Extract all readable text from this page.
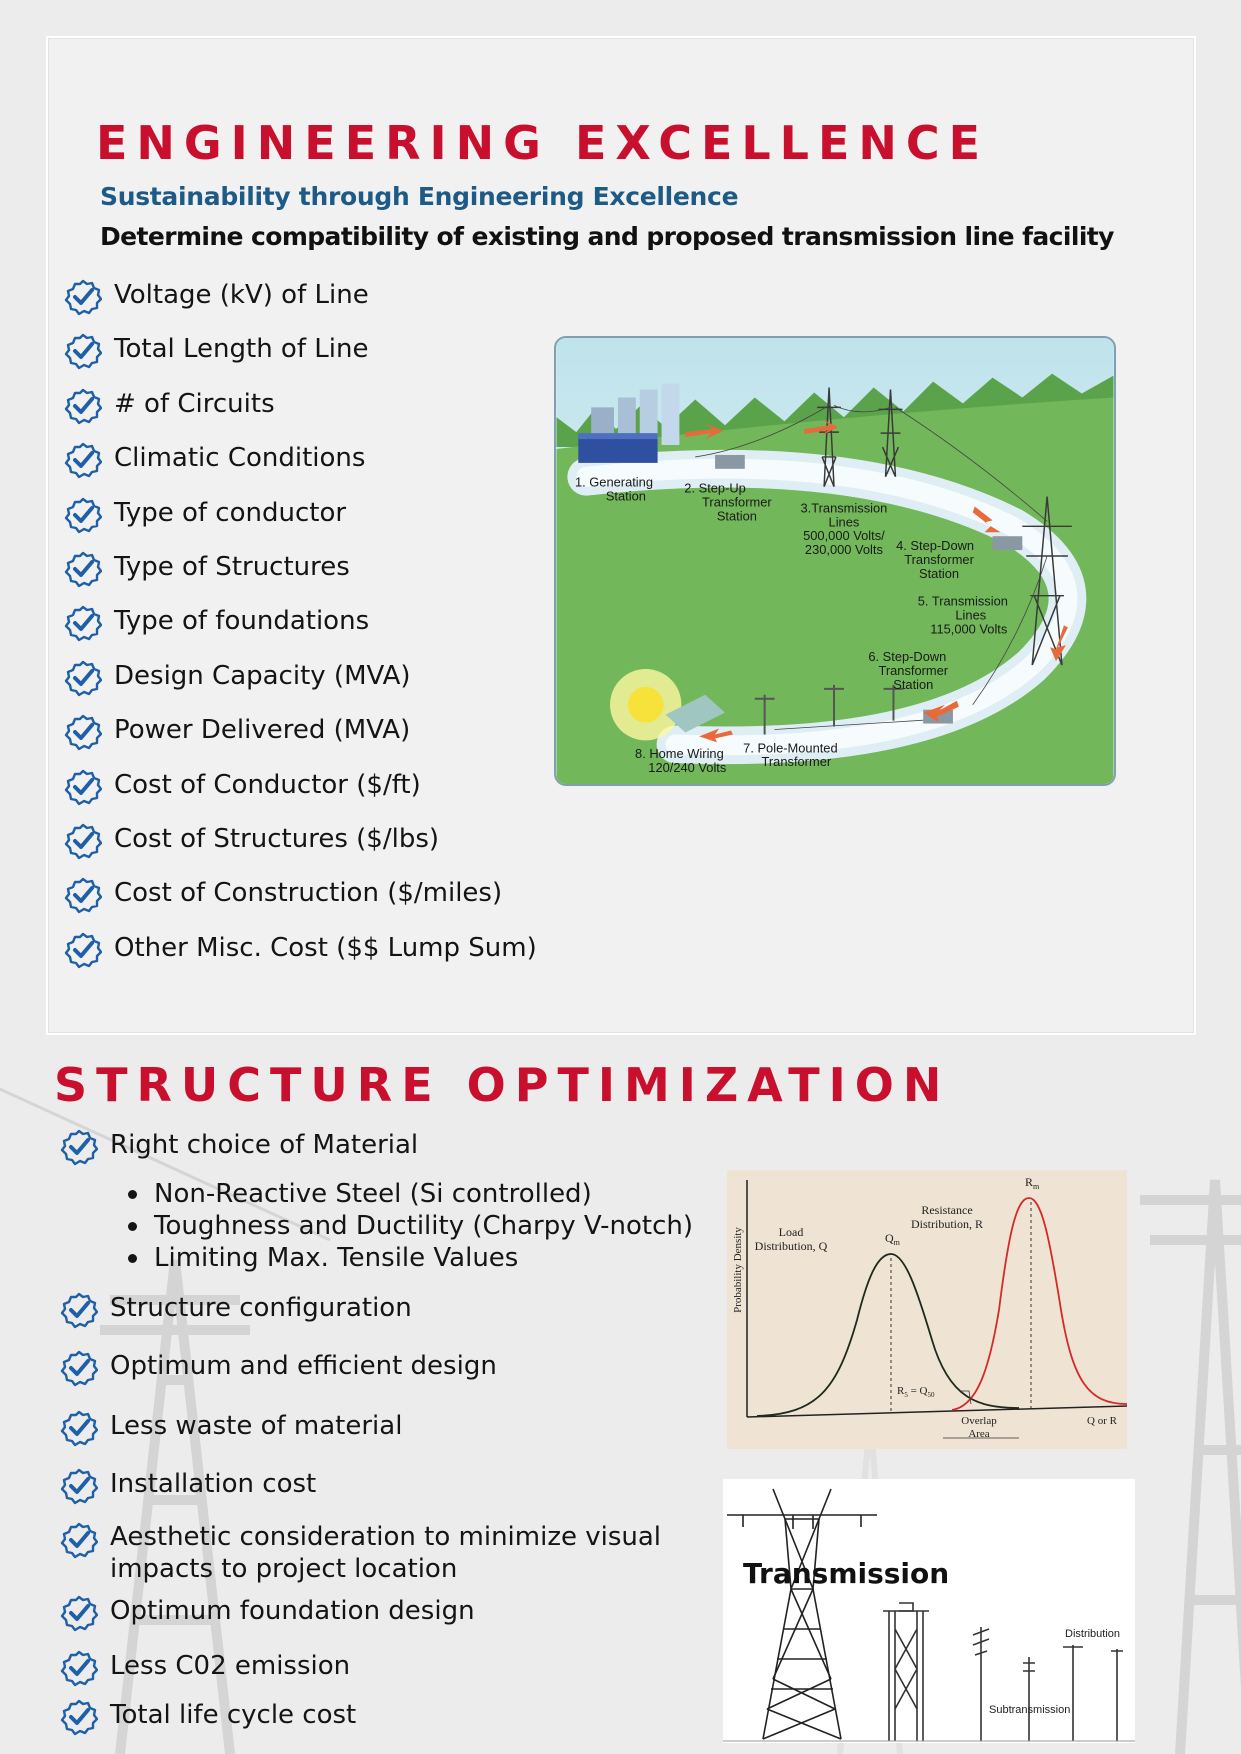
ENGINEERING EXCELLENCE
Sustainability through Engineering Excellence
Determine compatibility of existing and proposed transmission line facility
Voltage (kV) of Line
Total Length of Line
# of Circuits
Climatic Conditions
Type of conductor
Type of Structures
Type of foundations
Design Capacity (MVA)
Power Delivered (MVA)
Cost of Conductor ($/ft)
Cost of Structures ($/lbs)
Cost of Construction ($/miles)
Other Misc. Cost ($$ Lump Sum)
1. Generating
Station
2. Step-Up
Transformer
Station
3.Transmission
Lines
500,000 Volts/
230,000 Volts 4. Step-Down
Transformer
Station
5. Transmission
Lines
115,000 Volts
6. Step-Down
Transformer
Station
7. Pole-Mounted
Transformer
8. Home Wiring
120/240 Volts
STRUCTURE OPTIMIZATION
Right choice of Material
Structure configuration
Optimum and efficient design
Less waste of material
Installation cost
Aesthetic consideration to minimize visual
impacts to project location
Optimum foundation design
Less C02 emission
Total life cycle cost
Non-Reactive Steel (Si controlled)
Toughness and Ductility (Charpy V-notch)
Limiting Max. Tensile Values	Probability Density	Load
Distribution, Q
Resistance
Distribution, R
$Q_m$
$R_m$
$R_5 = Q_{50}$
Overlap
Area
Q or R
Transmission
Distribution
Subtransmission
